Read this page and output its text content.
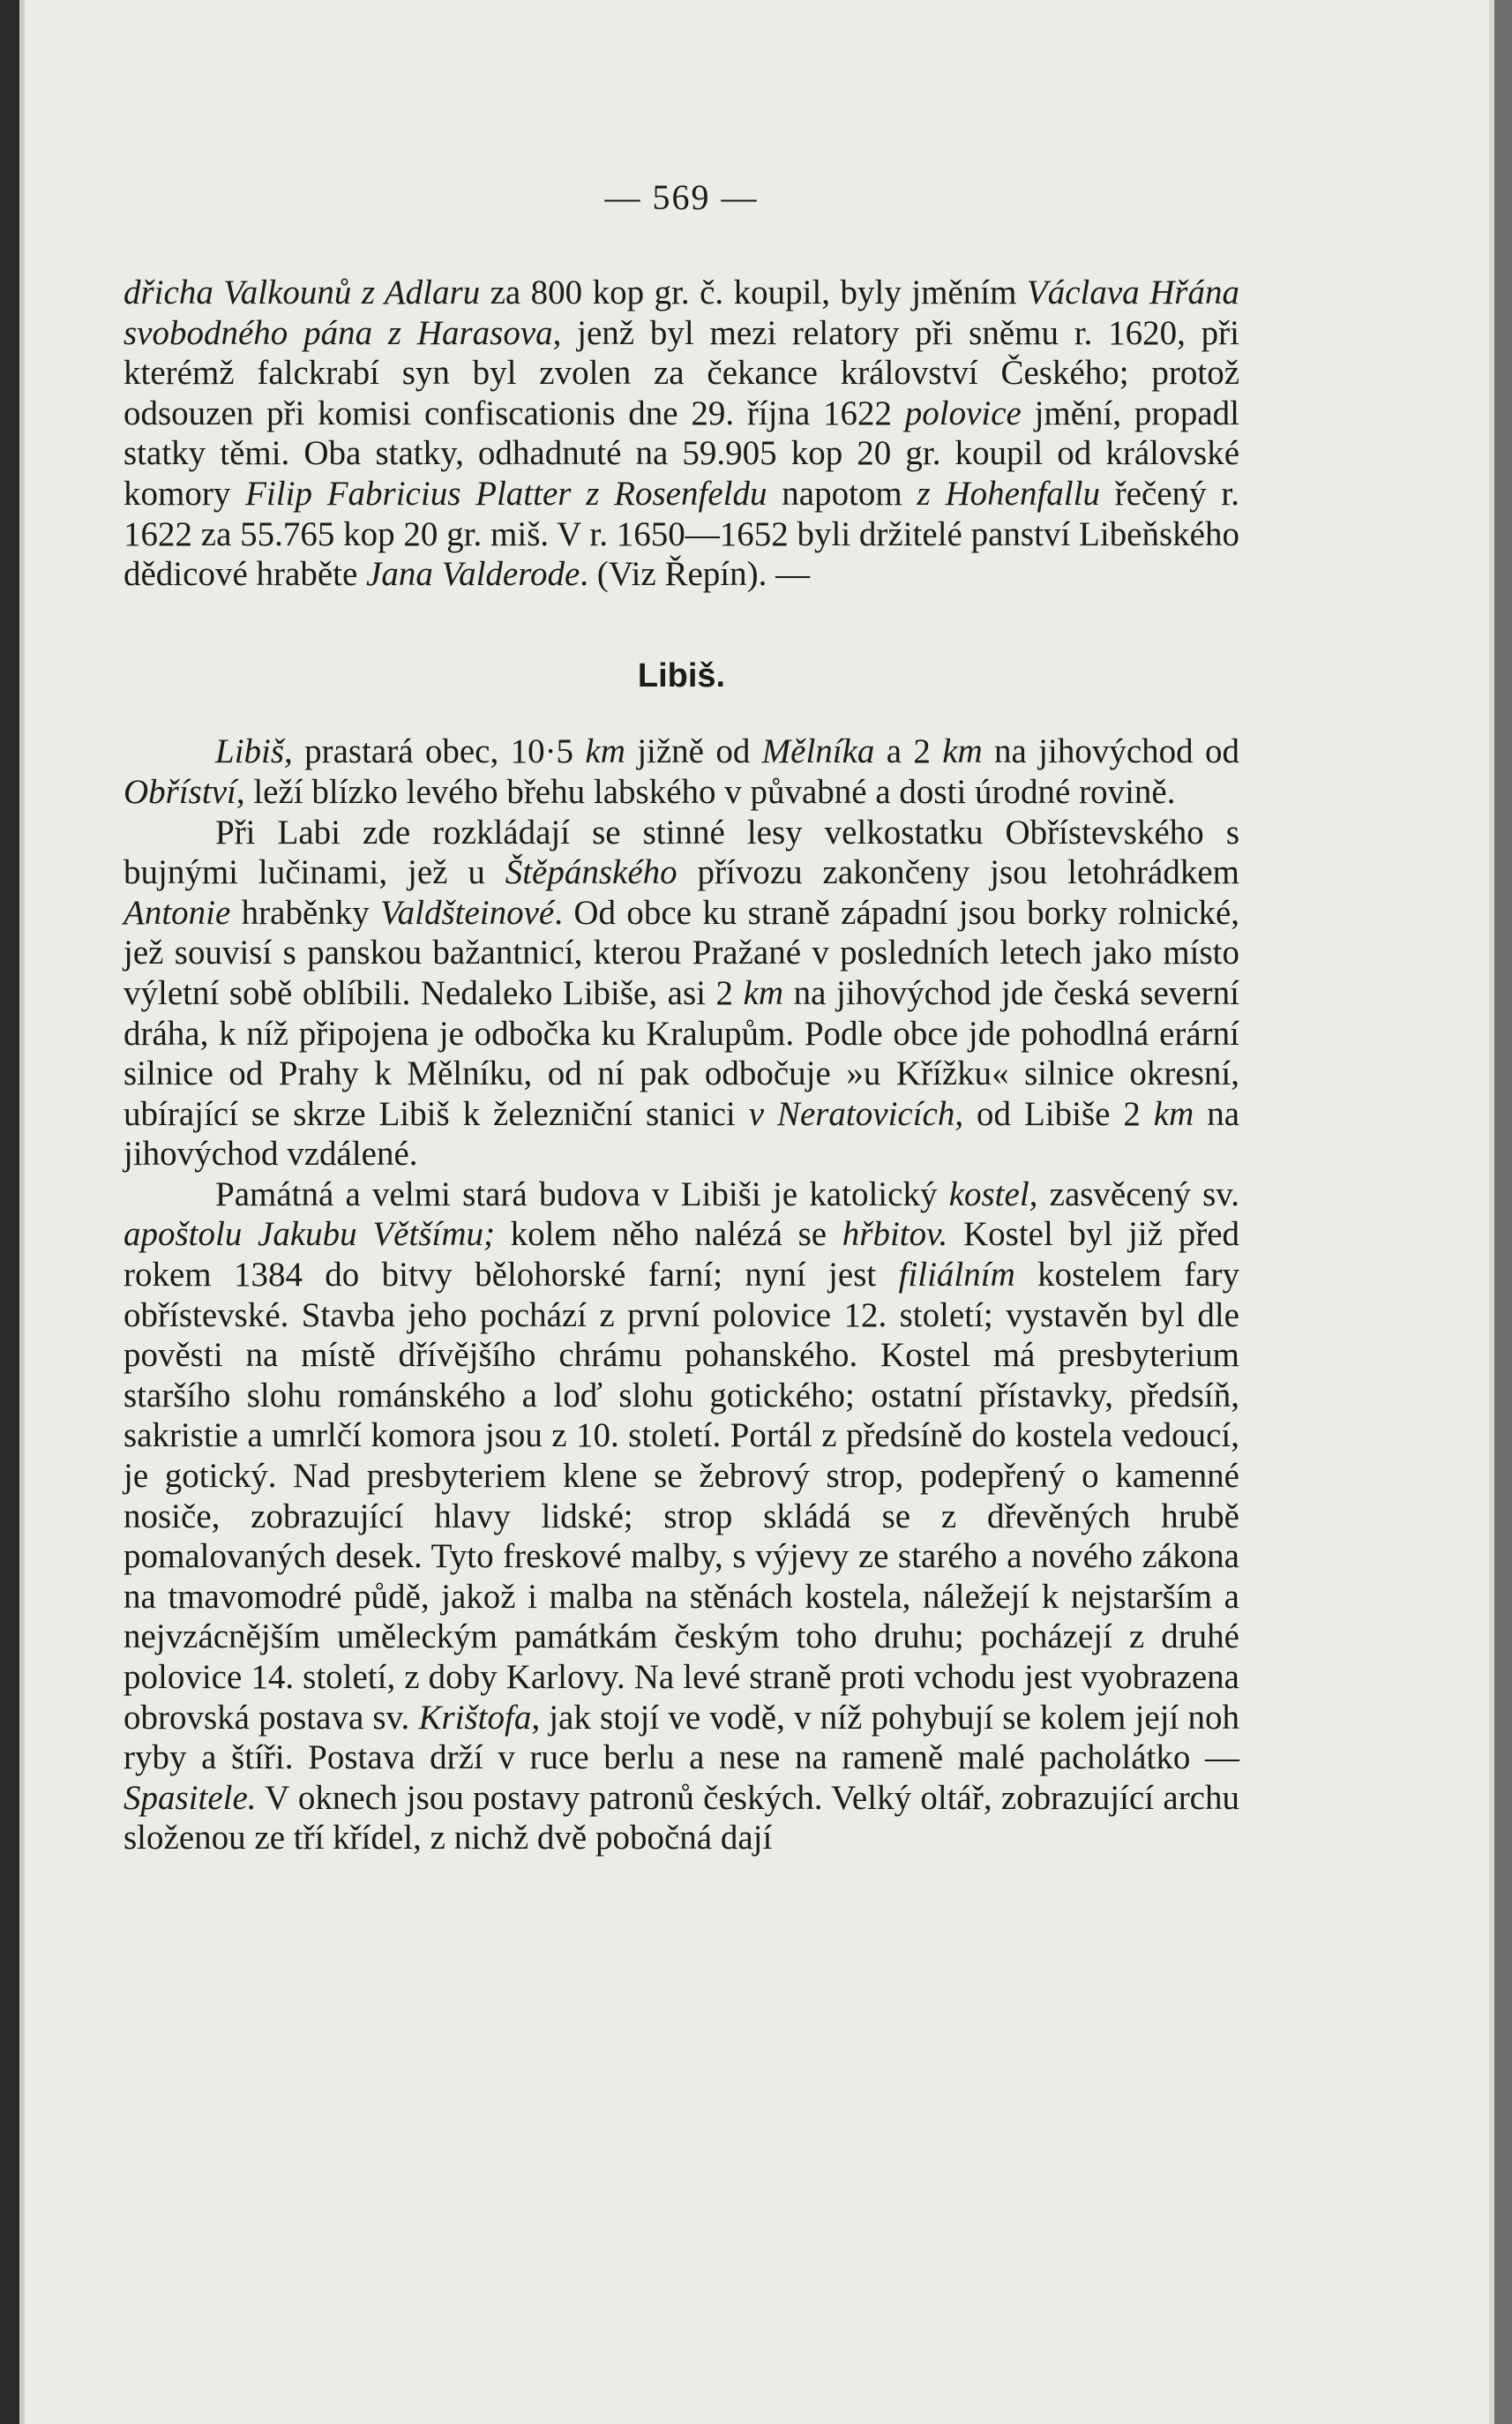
— 569 —

dřicha Valkounů z Adlaru za 800 kop gr. č. koupil, byly jměním Václava Hřána svobodného pána z Harasova, jenž byl mezi relatory při sněmu r. 1620, při kterémž falckrabí syn byl zvolen za čekance království Českého; protož odsouzen při komisi confiscationis dne 29. října 1622 polovice jmění, propadl statky těmi. Oba statky, odhadnuté na 59.905 kop 20 gr. koupil od královské komory Filip Fabricius Platter z Rosenfeldu napotom z Hohenfallu řečený r. 1622 za 55.765 kop 20 gr. miš. V r. 1650—1652 byli držitelé panství Libeňského dědicové hraběte Jana Valderode. (Viz Řepín). —

Libiš.

Libiš, prastará obec, 10·5 km jižně od Mělníka a 2 km na jihovýchod od Obříství, leží blízko levého břehu labského v půvabné a dosti úrodné rovině.

Při Labi zde rozkládají se stinné lesy velkostatku Obřístevského s bujnými lučinami, jež u Štěpánského přívozu zakončeny jsou letohrádkem Antonie hraběnky Valdšteinové. Od obce ku straně západní jsou borky rolnické, jež souvisí s panskou bažantnicí, kterou Pražané v posledních letech jako místo výletní sobě oblíbili. Nedaleko Libiše, asi 2 km na jihovýchod jde česká severní dráha, k níž připojena je odbočka ku Kralupům. Podle obce jde pohodlná erární silnice od Prahy k Mělníku, od ní pak odbočuje »u Křížku« silnice okresní, ubírající se skrze Libiš k železniční stanici v Neratovicích, od Libiše 2 km na jihovýchod vzdálené.

Památná a velmi stará budova v Libiši je katolický kostel, zasvěcený sv. apoštolu Jakubu Většímu; kolem něho nalézá se hřbitov. Kostel byl již před rokem 1384 do bitvy bělohorské farní; nyní jest filiálním kostelem fary obřístevské. Stavba jeho pochází z první polovice 12. století; vystavěn byl dle pověsti na místě dřívějšího chrámu pohanského. Kostel má presbyterium staršího slohu románského a loď slohu gotického; ostatní přístavky, předsíň, sakristie a umrlčí komora jsou z 10. století. Portál z předsíně do kostela vedoucí, je gotický. Nad presbyteriem klene se žebrový strop, podepřený o kamenné nosiče, zobrazující hlavy lidské; strop skládá se z dřevěných hrubě pomalovaných desek. Tyto freskové malby, s výjevy ze starého a nového zákona na tmavomodré půdě, jakož i malba na stěnách kostela, náležejí k nejstarším a nejvzácnějším uměleckým památkám českým toho druhu; pocházejí z druhé polovice 14. století, z doby Karlovy. Na levé straně proti vchodu jest vyobrazena obrovská postava sv. Krištofa, jak stojí ve vodě, v níž pohybují se kolem její noh ryby a štíři. Postava drží v ruce berlu a nese na rameně malé pacholátko — Spasitele. V oknech jsou postavy patronů českých. Velký oltář, zobrazující archu složenou ze tří křídel, z nichž dvě pobočná dají
